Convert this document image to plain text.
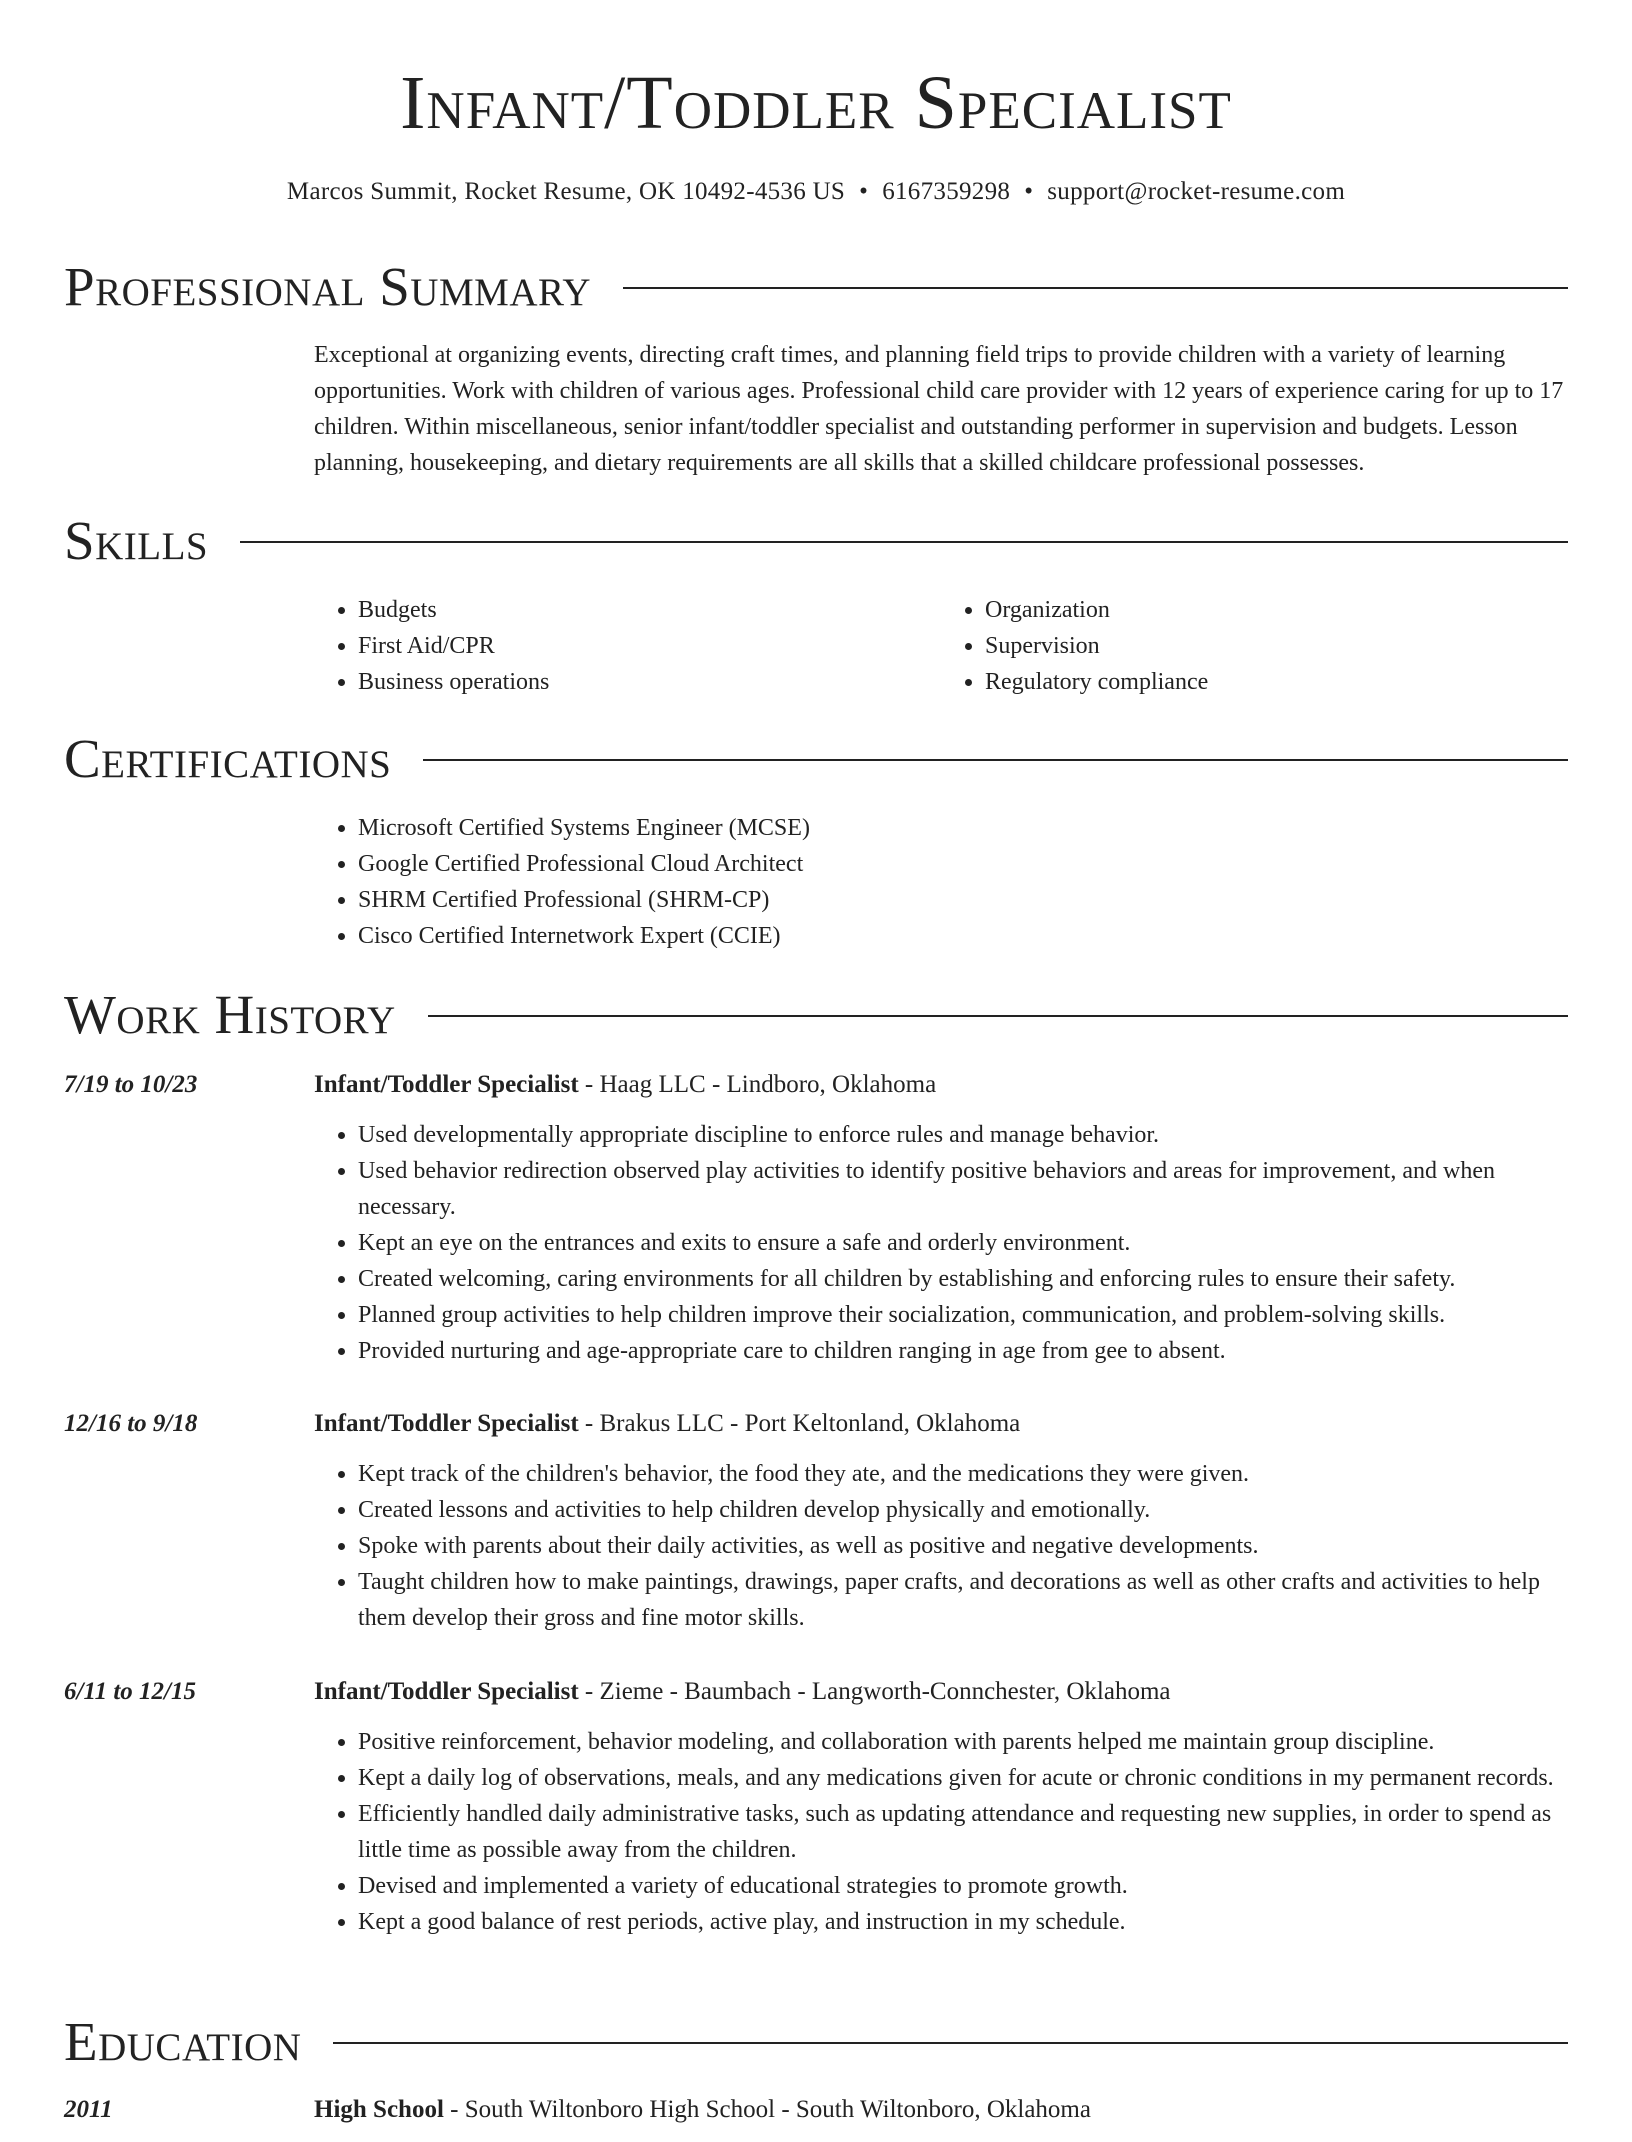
Infant/Toddler Specialist
Marcos Summit, Rocket Resume, OK 10492-4536 US • 6167359298 • support@rocket-resume.com
Professional Summary

Exceptional at organizing events, directing craft times, and planning field trips to provide children with a variety of learning opportunities. Work with children of various ages. Professional child care provider with 12 years of experience caring for up to 17 children. Within miscellaneous, senior infant/toddler specialist and outstanding performer in supervision and budgets. Lesson planning, housekeeping, and dietary requirements are all skills that a skilled childcare professional possesses.

Skills
• Budgets
• First Aid/CPR
• Business operations
• Organization
• Supervision
• Regulatory compliance
Certifications
• Microsoft Certified Systems Engineer (MCSE)
• Google Certified Professional Cloud Architect
• SHRM Certified Professional (SHRM-CP)
• Cisco Certified Internetwork Expert (CCIE)
Work History
7/19 to 10/23	Infant/Toddler Specialist - Haag LLC - Lindboro, Oklahoma
• Used developmentally appropriate discipline to enforce rules and manage behavior.
• Used behavior redirection observed play activities to identify positive behaviors and areas for improvement, and when necessary.
• Kept an eye on the entrances and exits to ensure a safe and orderly environment.
• Created welcoming, caring environments for all children by establishing and enforcing rules to ensure their safety.
• Planned group activities to help children improve their socialization, communication, and problem-solving skills.
• Provided nurturing and age-appropriate care to children ranging in age from gee to absent.
12/16 to 9/18	Infant/Toddler Specialist - Brakus LLC - Port Keltonland, Oklahoma
• Kept track of the children's behavior, the food they ate, and the medications they were given.
• Created lessons and activities to help children develop physically and emotionally.
• Spoke with parents about their daily activities, as well as positive and negative developments.
• Taught children how to make paintings, drawings, paper crafts, and decorations as well as other crafts and activities to help them develop their gross and fine motor skills.
6/11 to 12/15	Infant/Toddler Specialist - Zieme - Baumbach - Langworth-Connchester, Oklahoma
• Positive reinforcement, behavior modeling, and collaboration with parents helped me maintain group discipline.
• Kept a daily log of observations, meals, and any medications given for acute or chronic conditions in my permanent records.
• Efficiently handled daily administrative tasks, such as updating attendance and requesting new supplies, in order to spend as little time as possible away from the children.
• Devised and implemented a variety of educational strategies to promote growth.
• Kept a good balance of rest periods, active play, and instruction in my schedule.
Education
2011	High School - South Wiltonboro High School - South Wiltonboro, Oklahoma
